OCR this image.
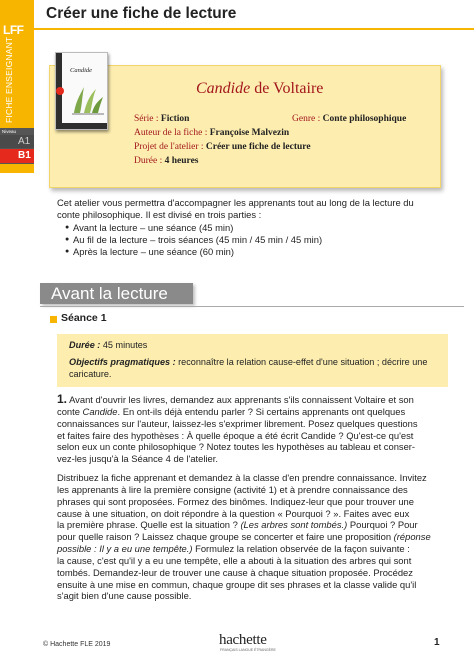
LFF
FICHE ENSEIGNANT
Niveau
A1
B1
Créer une fiche de lecture
Candide
Candide de Voltaire
Série : Fiction	Genre : Conte philosophique
Auteur de la fiche : Françoise Malvezin
Projet de l'atelier : Créer une fiche de lecture
Durée : 4 heures
Cet atelier vous permettra d'accompagner les apprenants tout au long de la lecture du
conte philosophique. Il est divisé en trois parties :
● Avant la lecture – une séance (45 min)
● Au fil de la lecture – trois séances (45 min / 45 min / 45 min)
● Après la lecture – une séance (60 min)
Avant la lecture
Séance 1
Durée : 45 minutes
Objectifs pragmatiques : reconnaître la relation cause-effet d'une situation ; décrire une
caricature.
1. Avant d'ouvrir les livres, demandez aux apprenants s'ils connaissent Voltaire et son
conte Candide. En ont-ils déjà entendu parler ? Si certains apprenants ont quelques
connaissances sur l'auteur, laissez-les s'exprimer librement. Posez quelques questions
et faites faire des hypothèses : À quelle époque a été écrit Candide ? Qu'est-ce qu'est
selon eux un conte philosophique ? Notez toutes les hypothèses au tableau et conser-
vez-les jusqu'à la Séance 4 de l'atelier.
Distribuez la fiche apprenant et demandez à la classe d'en prendre connaissance. Invitez
les apprenants à lire la première consigne (activité 1) et à prendre connaissance des
phrases qui sont proposées. Formez des binômes. Indiquez-leur que pour trouver une
cause à une situation, on doit répondre à la question « Pourquoi ? ». Faites avec eux
la première phrase. Quelle est la situation ? (Les arbres sont tombés.) Pourquoi ? Pour
pour quelle raison ? Laissez chaque groupe se concerter et faire une proposition (réponse
possible : Il y a eu une tempête.) Formulez la relation observée de la façon suivante :
la cause, c'est qu'il y a eu une tempête, elle a abouti à la situation des arbres qui sont
tombés. Demandez-leur de trouver une cause à chaque situation proposée. Procédez
ensuite à une mise en commun, chaque groupe dit ses phrases et la classe valide qu'il
s'agit bien d'une cause possible.
© Hachette FLE 2019	hachette
FRANÇAIS LANGUE ÉTRANGÈRE
1
